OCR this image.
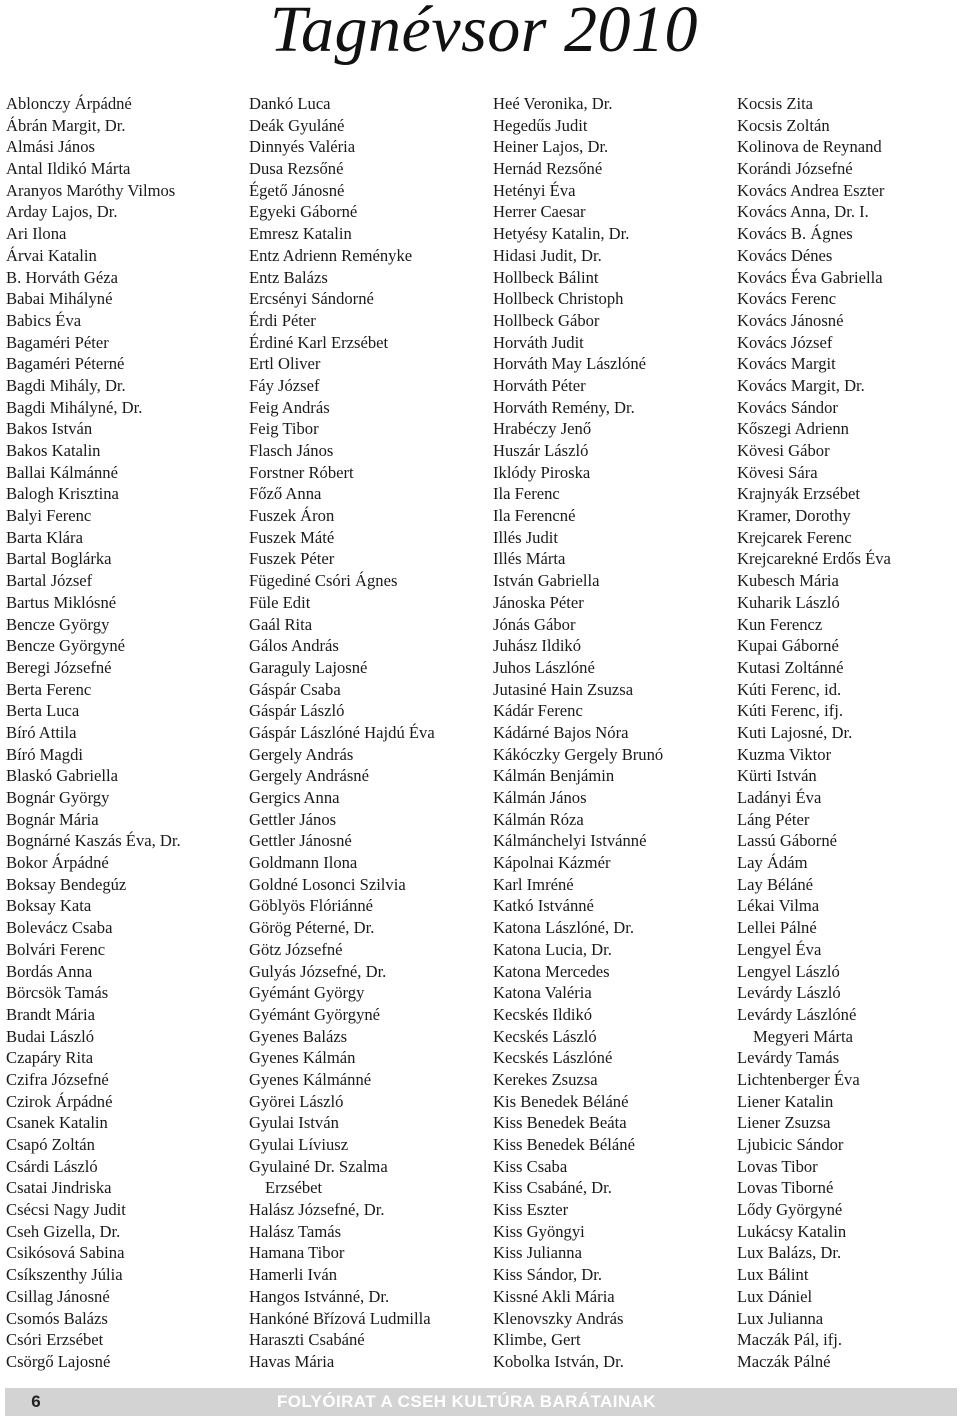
Tagnévsor 2010
Ablonczy Árpádné
Ábrán Margit, Dr.
Almási János
Antal Ildikó Márta
Aranyos Maróthy Vilmos
Arday Lajos, Dr.
Ari Ilona
Árvai Katalin
B. Horváth Géza
Babai Mihályné
Babics Éva
Bagaméri Péter
Bagaméri Péterné
Bagdi Mihály, Dr.
Bagdi Mihályné, Dr.
Bakos István
Bakos Katalin
Ballai Kálmánné
Balogh Krisztina
Balyi Ferenc
Barta Klára
Bartal Boglárka
Bartal József
Bartus Miklósné
Bencze György
Bencze Györgyné
Beregi Józsefné
Berta Ferenc
Berta Luca
Bíró Attila
Bíró Magdi
Blaskó Gabriella
Bognár György
Bognár Mária
Bognárné Kaszás Éva, Dr.
Bokor Árpádné
Boksay Bendegúz
Boksay Kata
Bolevácz Csaba
Bolvári Ferenc
Bordás Anna
Börcsök Tamás
Brandt Mária
Budai László
Czapáry Rita
Czifra Józsefné
Czirok Árpádné
Csanek Katalin
Csapó Zoltán
Csárdi László
Csatai Jindriska
Csécsi Nagy Judit
Cseh Gizella, Dr.
Csikósová Sabina
Csíkszenthy Júlia
Csillag Jánosné
Csomós Balázs
Csóri Erzsébet
Csörgő Lajosné
Dankó Luca
Deák Gyuláné
Dinnyés Valéria
Dusa Rezsőné
Égető Jánosné
Egyeki Gáborné
Emresz Katalin
Entz Adrienn Reményke
Entz Balázs
Ercsényi Sándorné
Érdi Péter
Érdiné Karl Erzsébet
Ertl Oliver
Fáy József
Feig András
Feig Tibor
Flasch János
Forstner Róbert
Főző Anna
Fuszek Áron
Fuszek Máté
Fuszek Péter
Fügediné Csóri Ágnes
Füle Edit
Gaál Rita
Gálos András
Garaguly Lajosné
Gáspár Csaba
Gáspár László
Gáspár Lászlóné Hajdú Éva
Gergely András
Gergely Andrásné
Gergics Anna
Gettler János
Gettler Jánosné
Goldmann Ilona
Goldné Losonci Szilvia
Göblyös Flóriánné
Görög Péterné, Dr.
Götz Józsefné
Gulyás Józsefné, Dr.
Gyémánt György
Gyémánt Györgyné
Gyenes Balázs
Gyenes Kálmán
Gyenes Kálmánné
Györei László
Gyulai István
Gyulai Líviusz
Gyulainé Dr. Szalma
Erzsébet
Halász Józsefné, Dr.
Halász Tamás
Hamana Tibor
Hamerli Iván
Hangos Istvánné, Dr.
Hankóné Břízová Ludmilla
Haraszti Csabáné
Havas Mária
Heé Veronika, Dr.
Hegedűs Judit
Heiner Lajos, Dr.
Hernád Rezsőné
Hetényi Éva
Herrer Caesar
Hetyésy Katalin, Dr.
Hidasi Judit, Dr.
Hollbeck Bálint
Hollbeck Christoph
Hollbeck Gábor
Horváth Judit
Horváth May Lászlóné
Horváth Péter
Horváth Remény, Dr.
Hrabéczy Jenő
Huszár László
Iklódy Piroska
Ila Ferenc
Ila Ferencné
Illés Judit
Illés Márta
István Gabriella
Jánoska Péter
Jónás Gábor
Juhász Ildikó
Juhos Lászlóné
Jutasiné Hain Zsuzsa
Kádár Ferenc
Kádárné Bajos Nóra
Kákóczky Gergely Brunó
Kálmán Benjámin
Kálmán János
Kálmán Róza
Kálmánchelyi Istvánné
Kápolnai Kázmér
Karl Imréné
Katkó Istvánné
Katona Lászlóné, Dr.
Katona Lucia, Dr.
Katona Mercedes
Katona Valéria
Kecskés Ildikó
Kecskés László
Kecskés Lászlóné
Kerekes Zsuzsa
Kis Benedek Béláné
Kiss Benedek Beáta
Kiss Benedek Béláné
Kiss Csaba
Kiss Csabáné, Dr.
Kiss Eszter
Kiss Gyöngyi
Kiss Julianna
Kiss Sándor, Dr.
Kissné Akli Mária
Klenovszky András
Klimbe, Gert
Kobolka István, Dr.
Kocsis Zita
Kocsis Zoltán
Kolinova de Reynand
Korándi Józsefné
Kovács Andrea Eszter
Kovács Anna, Dr. I.
Kovács B. Ágnes
Kovács Dénes
Kovács Éva Gabriella
Kovács Ferenc
Kovács Jánosné
Kovács József
Kovács Margit
Kovács Margit, Dr.
Kovács Sándor
Kőszegi Adrienn
Kövesi Gábor
Kövesi Sára
Krajnyák Erzsébet
Kramer, Dorothy
Krejcarek Ferenc
Krejcarekné Erdős Éva
Kubesch Mária
Kuharik László
Kun Ferencz
Kupai Gáborné
Kutasi Zoltánné
Kúti Ferenc, id.
Kúti Ferenc, ifj.
Kuti Lajosné, Dr.
Kuzma Viktor
Kürti István
Ladányi Éva
Láng Péter
Lassú Gáborné
Lay Ádám
Lay Béláné
Lékai Vilma
Lellei Pálné
Lengyel Éva
Lengyel László
Levárdy László
Levárdy Lászlóné
Megyeri Márta
Levárdy Tamás
Lichtenberger Éva
Liener Katalin
Liener Zsuzsa
Ljubicic Sándor
Lovas Tibor
Lovas Tiborné
Lődy Györgyné
Lukácsy Katalin
Lux Balázs, Dr.
Lux Bálint
Lux Dániel
Lux Julianna
Maczák Pál, ifj.
Maczák Pálné
6	FOLYÓIRAT A CSEH KULTÚRA BARÁTAINAK
